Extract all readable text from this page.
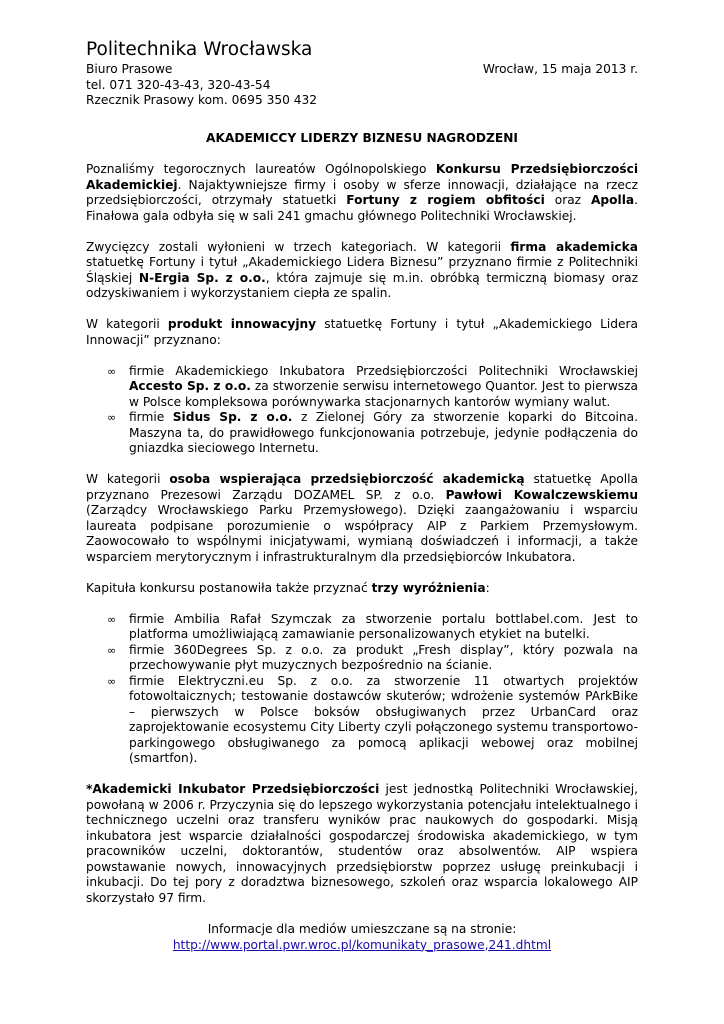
Politechnika Wrocławska
Biuro Prasowe	Wrocław, 15 maja 2013 r.
tel. 071 320-43-43, 320-43-54
Rzecznik Prasowy kom. 0695 350 432
AKADEMICCY LIDERZY BIZNESU NAGRODZENI

Poznaliśmy tegorocznych laureatów Ogólnopolskiego Konkursu Przedsiębiorczości Akademickiej. Najaktywniejsze firmy i osoby w sferze innowacji, działające na rzecz przedsiębiorczości, otrzymały statuetki Fortuny z rogiem obfitości oraz Apolla. Finałowa gala odbyła się w sali 241 gmachu głównego Politechniki Wrocławskiej.

Zwycięzcy zostali wyłonieni w trzech kategoriach. W kategorii firma akademicka statuetkę Fortuny i tytuł „Akademickiego Lidera Biznesu” przyznano firmie z Politechniki Śląskiej N-Ergia Sp. z o.o., która zajmuje się m.in. obróbką termiczną biomasy oraz odzyskiwaniem i wykorzystaniem ciepła ze spalin.

W kategorii produkt innowacyjny statuetkę Fortuny i tytuł „Akademickiego Lidera Innowacji” przyznano:

∞ firmie Akademickiego Inkubatora Przedsiębiorczości Politechniki Wrocławskiej Accesto Sp. z o.o. za stworzenie serwisu internetowego Quantor. Jest to pierwsza w Polsce kompleksowa porównywarka stacjonarnych kantorów wymiany walut.
∞ firmie Sidus Sp. z o.o. z Zielonej Góry za stworzenie koparki do Bitcoina. Maszyna ta, do prawidłowego funkcjonowania potrzebuje, jedynie podłączenia do gniazdka sieciowego Internetu.

W kategorii osoba wspierająca przedsiębiorczość akademicką statuetkę Apolla przyznano Prezesowi Zarządu DOZAMEL SP. z o.o. Pawłowi Kowalczewskiemu (Zarządcy Wrocławskiego Parku Przemysłowego). Dzięki zaangażowaniu i wsparciu laureata podpisane porozumienie o współpracy AIP z Parkiem Przemysłowym. Zaowocowało to wspólnymi inicjatywami, wymianą doświadczeń i informacji, a także wsparciem merytorycznym i infrastrukturalnym dla przedsiębiorców Inkubatora.

Kapituła konkursu postanowiła także przyznać trzy wyróżnienia:

∞ firmie Ambilia Rafał Szymczak za stworzenie portalu bottlabel.com. Jest to platforma umożliwiającą zamawianie personalizowanych etykiet na butelki.
∞ firmie 360Degrees Sp. z o.o. za produkt „Fresh display”, który pozwala na przechowywanie płyt muzycznych bezpośrednio na ścianie.
∞ firmie Elektryczni.eu Sp. z o.o. za stworzenie 11 otwartych projektów fotowoltaicznych; testowanie dostawców skuterów; wdrożenie systemów PArkBike – pierwszych w Polsce boksów obsługiwanych przez UrbanCard oraz zaprojektowanie ecosystemu City Liberty czyli połączonego systemu transportowo-parkingowego obsługiwanego za pomocą aplikacji webowej oraz mobilnej (smartfon).

*Akademicki Inkubator Przedsiębiorczości jest jednostką Politechniki Wrocławskiej, powołaną w 2006 r. Przyczynia się do lepszego wykorzystania potencjału intelektualnego i technicznego uczelni oraz transferu wyników prac naukowych do gospodarki. Misją inkubatora jest wsparcie działalności gospodarczej środowiska akademickiego, w tym pracowników uczelni, doktorantów, studentów oraz absolwentów. AIP wspiera powstawanie nowych, innowacyjnych przedsiębiorstw poprzez usługę preinkubacji i inkubacji. Do tej pory z doradztwa biznesowego, szkoleń oraz wsparcia lokalowego AIP skorzystało 97 firm.

Informacje dla mediów umieszczane są na stronie:
http://www.portal.pwr.wroc.pl/komunikaty_prasowe,241.dhtml
